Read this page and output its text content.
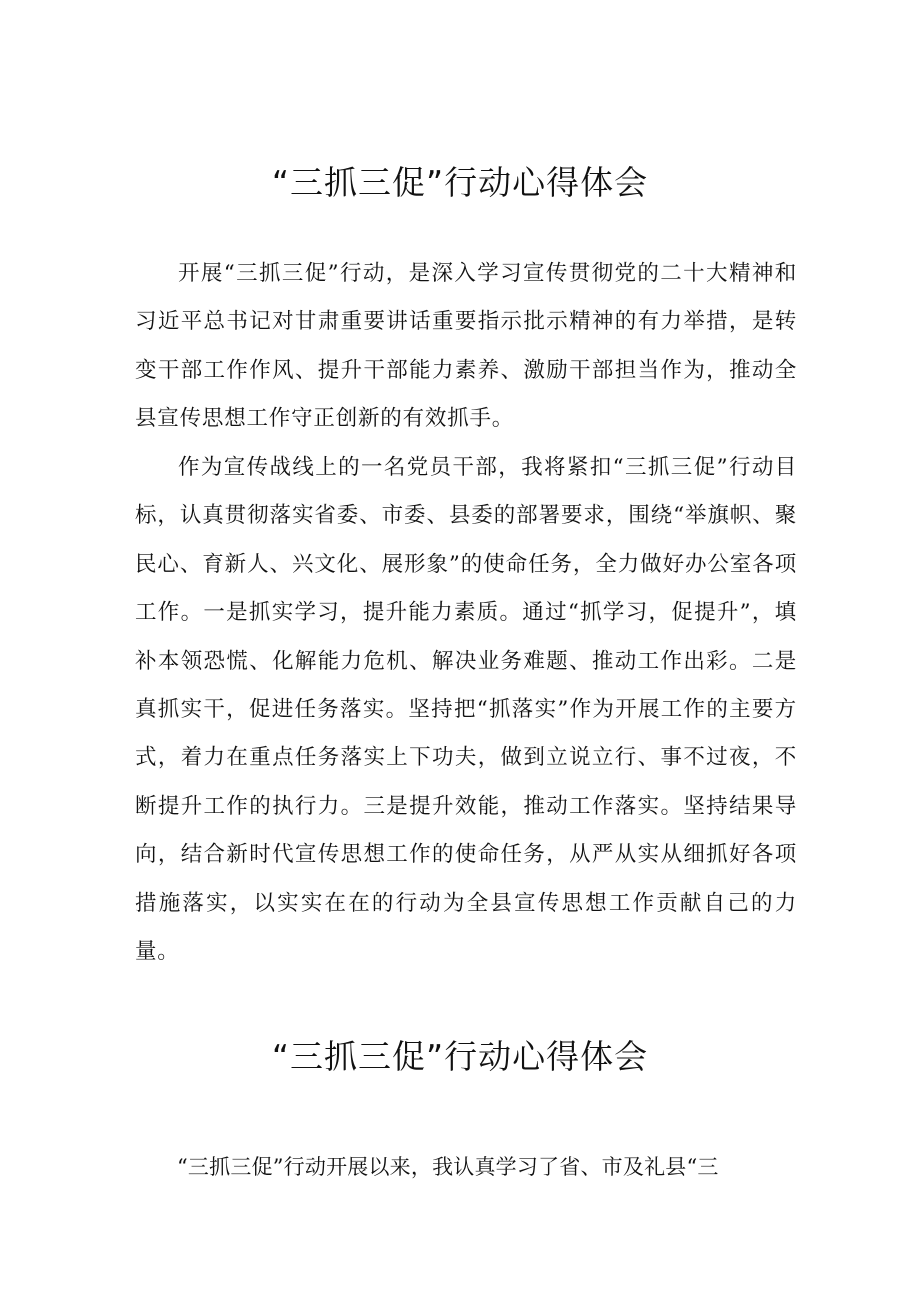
“三抓三促”行动心得体会

开展“三抓三促”行动，是深入学习宣传贯彻党的二十大精神和习近平总书记对甘肃重要讲话重要指示批示精神的有力举措，是转变干部工作作风、提升干部能力素养、激励干部担当作为，推动全县宣传思想工作守正创新的有效抓手。

作为宣传战线上的一名党员干部，我将紧扣“三抓三促”行动目标，认真贯彻落实省委、市委、县委的部署要求，围绕“举旗帜、聚民心、育新人、兴文化、展形象”的使命任务，全力做好办公室各项工作。一是抓实学习，提升能力素质。通过“抓学习，促提升”，填补本领恐慌、化解能力危机、解决业务难题、推动工作出彩。二是真抓实干，促进任务落实。坚持把“抓落实”作为开展工作的主要方式，着力在重点任务落实上下功夫，做到立说立行、事不过夜，不断提升工作的执行力。三是提升效能，推动工作落实。坚持结果导向，结合新时代宣传思想工作的使命任务，从严从实从细抓好各项措施落实，以实实在在的行动为全县宣传思想工作贡献自己的力量。

“三抓三促”行动心得体会

“三抓三促”行动开展以来，我认真学习了省、市及礼县“三
